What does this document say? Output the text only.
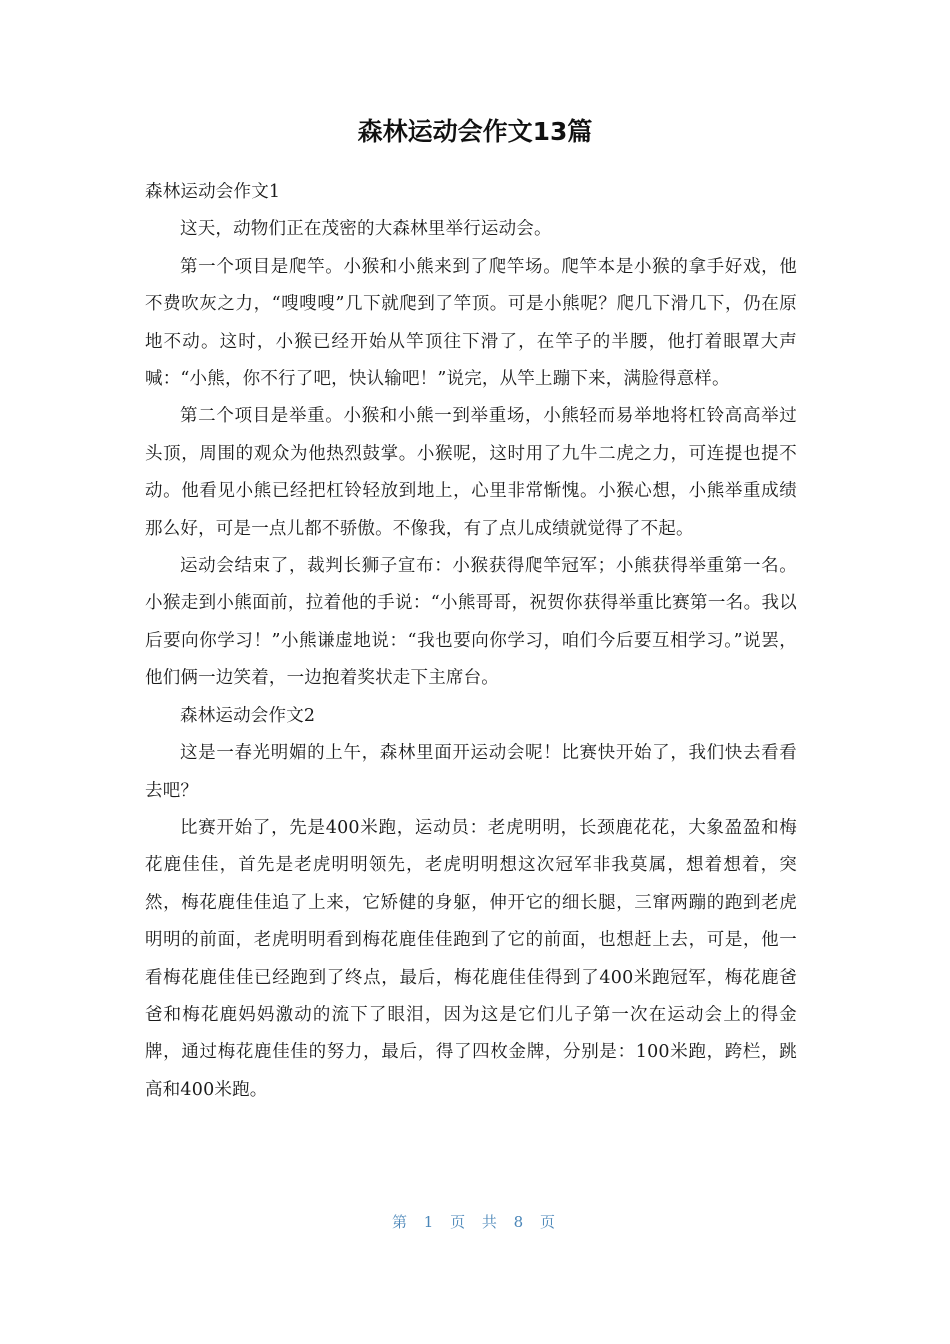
森林运动会作文13篇

森林运动会作文1

这天，动物们正在茂密的大森林里举行运动会。

第一个项目是爬竿。小猴和小熊来到了爬竿场。爬竿本是小猴的拿手好戏，他不费吹灰之力，“嗖嗖嗖”几下就爬到了竿顶。可是小熊呢？爬几下滑几下，仍在原地不动。这时，小猴已经开始从竿顶往下滑了，在竿子的半腰，他打着眼罩大声喊：“小熊，你不行了吧，快认输吧！”说完，从竿上蹦下来，满脸得意样。

第二个项目是举重。小猴和小熊一到举重场，小熊轻而易举地将杠铃高高举过头顶，周围的观众为他热烈鼓掌。小猴呢，这时用了九牛二虎之力，可连提也提不动。他看见小熊已经把杠铃轻放到地上，心里非常惭愧。小猴心想，小熊举重成绩那么好，可是一点儿都不骄傲。不像我，有了点儿成绩就觉得了不起。

运动会结束了，裁判长狮子宣布：小猴获得爬竿冠军；小熊获得举重第一名。小猴走到小熊面前，拉着他的手说：“小熊哥哥，祝贺你获得举重比赛第一名。我以后要向你学习！”小熊谦虚地说：“我也要向你学习，咱们今后要互相学习。”说罢，他们俩一边笑着，一边抱着奖状走下主席台。

森林运动会作文2

这是一春光明媚的上午，森林里面开运动会呢！比赛快开始了，我们快去看看去吧？

比赛开始了，先是400米跑，运动员：老虎明明，长颈鹿花花，大象盈盈和梅花鹿佳佳，首先是老虎明明领先，老虎明明想这次冠军非我莫属，想着想着，突然，梅花鹿佳佳追了上来，它矫健的身躯，伸开它的细长腿，三窜两蹦的跑到老虎明明的前面，老虎明明看到梅花鹿佳佳跑到了它的前面，也想赶上去，可是，他一看梅花鹿佳佳已经跑到了终点，最后，梅花鹿佳佳得到了400米跑冠军，梅花鹿爸爸和梅花鹿妈妈激动的流下了眼泪，因为这是它们儿子第一次在运动会上的得金牌，通过梅花鹿佳佳的努力，最后，得了四枚金牌，分别是：100米跑，跨栏，跳高和400米跑。

第 1 页 共 8 页
